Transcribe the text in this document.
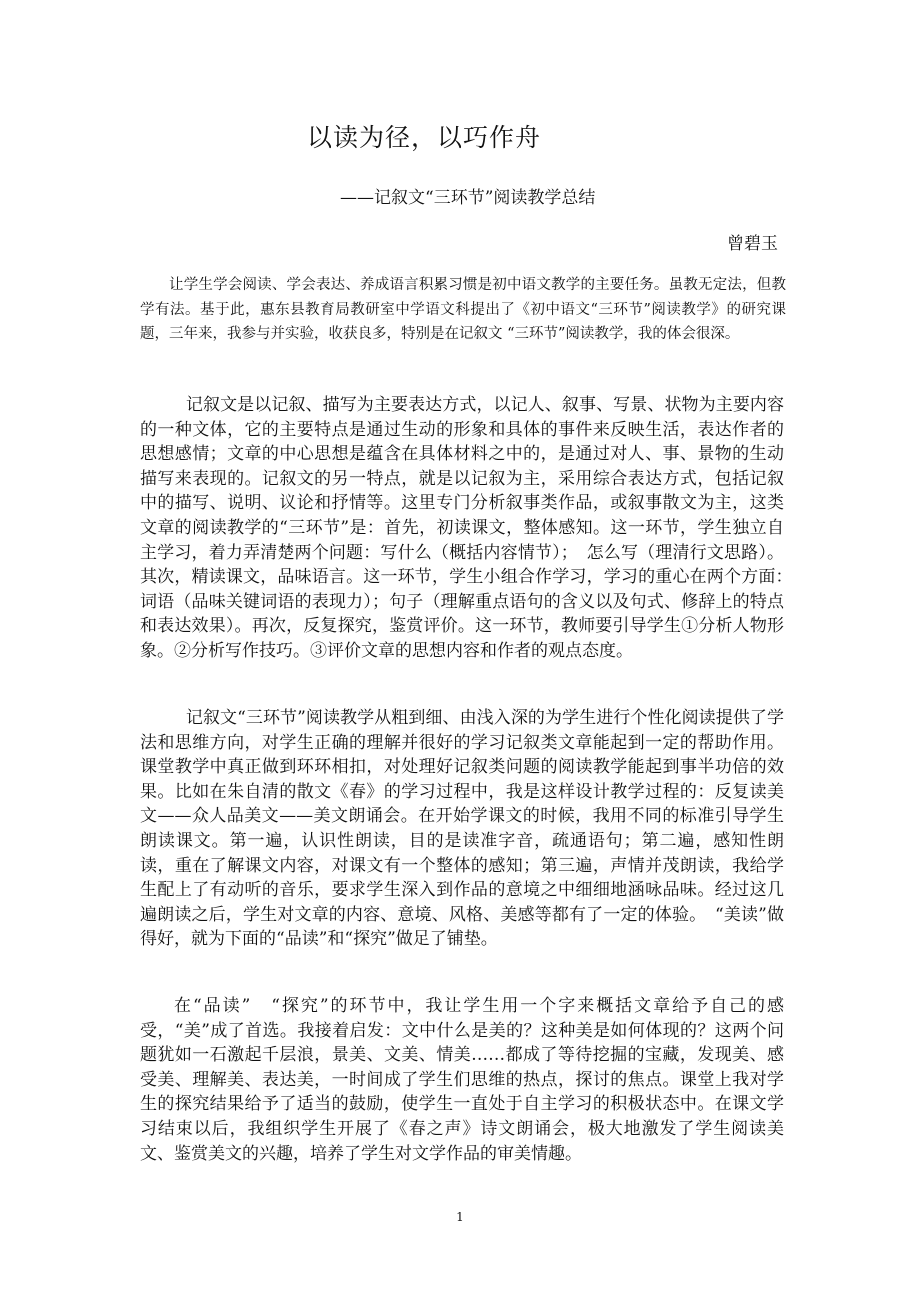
以读为径，以巧作舟

——记叙文“三环节”阅读教学总结

曾碧玉

让学生学会阅读、学会表达、养成语言积累习惯是初中语文教学的主要任务。虽教无定法，但教学有法。基于此，惠东县教育局教研室中学语文科提出了《初中语文“三环节”阅读教学》的研究课题，三年来，我参与并实验，收获良多，特别是在记叙文 “三环节”阅读教学，我的体会很深。

记叙文是以记叙、描写为主要表达方式，以记人、叙事、写景、状物为主要内容的一种文体，它的主要特点是通过生动的形象和具体的事件来反映生活，表达作者的思想感情；文章的中心思想是蕴含在具体材料之中的，是通过对人、事、景物的生动描写来表现的。记叙文的另一特点，就是以记叙为主，采用综合表达方式，包括记叙中的描写、说明、议论和抒情等。这里专门分析叙事类作品，或叙事散文为主，这类文章的阅读教学的“三环节”是：首先，初读课文，整体感知。这一环节，学生独立自主学习，着力弄清楚两个问题：写什么（概括内容情节）；　怎么写（理清行文思路）。其次，精读课文，品味语言。这一环节，学生小组合作学习，学习的重心在两个方面：　词语（品味关键词语的表现力）；句子（理解重点语句的含义以及句式、修辞上的特点和表达效果）。再次，反复探究，鉴赏评价。这一环节，教师要引导学生①分析人物形象。②分析写作技巧。③评价文章的思想内容和作者的观点态度。

记叙文“三环节”阅读教学从粗到细、由浅入深的为学生进行个性化阅读提供了学法和思维方向，对学生正确的理解并很好的学习记叙类文章能起到一定的帮助作用。课堂教学中真正做到环环相扣，对处理好记叙类问题的阅读教学能起到事半功倍的效果。比如在朱自清的散文《春》的学习过程中，我是这样设计教学过程的：反复读美文——众人品美文——美文朗诵会。在开始学课文的时候，我用不同的标准引导学生朗读课文。第一遍，认识性朗读，目的是读准字音，疏通语句；第二遍，感知性朗读，重在了解课文内容，对课文有一个整体的感知；第三遍，声情并茂朗读，我给学生配上了有动听的音乐，要求学生深入到作品的意境之中细细地涵咏品味。经过这几遍朗读之后，学生对文章的内容、意境、风格、美感等都有了一定的体验。　“美读”做得好，就为下面的“品读”和“探究”做足了铺垫。

在“品读”　“探究”的环节中，我让学生用一个字来概括文章给予自己的感受，“美”成了首选。我接着启发：文中什么是美的？这种美是如何体现的？这两个问题犹如一石激起千层浪，景美、文美、情美……都成了等待挖掘的宝藏，发现美、感受美、理解美、表达美，一时间成了学生们思维的热点，探讨的焦点。课堂上我对学生的探究结果给予了适当的鼓励，使学生一直处于自主学习的积极状态中。在课文学习结束以后，我组织学生开展了《春之声》诗文朗诵会，极大地激发了学生阅读美文、鉴赏美文的兴趣，培养了学生对文学作品的审美情趣。

1
